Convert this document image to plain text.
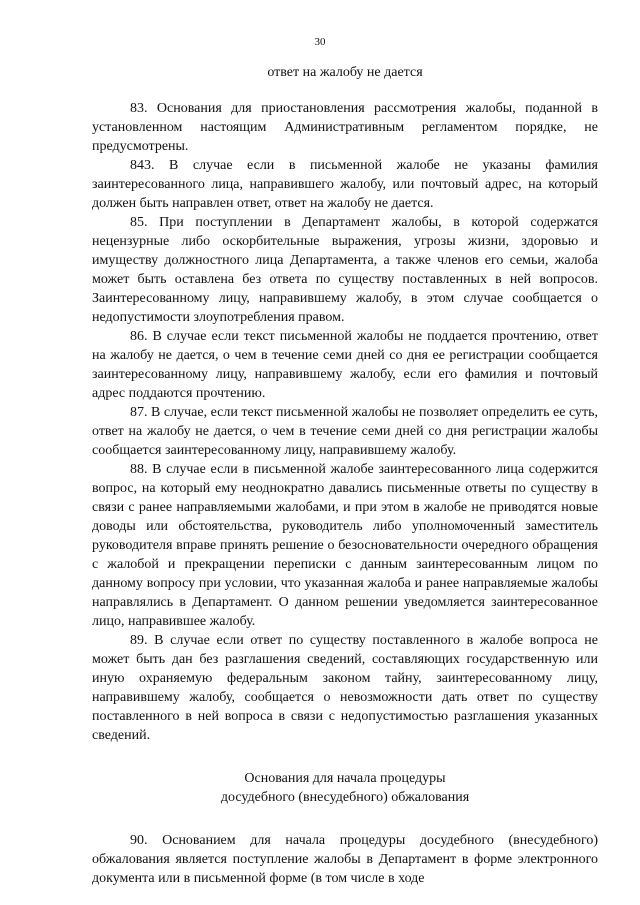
30

ответ на жалобу не дается

83. Основания для приостановления рассмотрения жалобы, поданной в установленном настоящим Административным регламентом порядке, не предусмотрены.

843. В случае если в письменной жалобе не указаны фамилия заинтересованного лица, направившего жалобу, или почтовый адрес, на который должен быть направлен ответ, ответ на жалобу не дается.

85. При поступлении в Департамент жалобы, в которой содержатся нецензурные либо оскорбительные выражения, угрозы жизни, здоровью и имуществу должностного лица Департамента, а также членов его семьи, жалоба может быть оставлена без ответа по существу поставленных в ней вопросов. Заинтересованному лицу, направившему жалобу, в этом случае сообщается о недопустимости злоупотребления правом.

86. В случае если текст письменной жалобы не поддается прочтению, ответ на жалобу не дается, о чем в течение семи дней со дня ее регистрации сообщается заинтересованному лицу, направившему жалобу, если его фамилия и почтовый адрес поддаются прочтению.

87. В случае, если текст письменной жалобы не позволяет определить ее суть, ответ на жалобу не дается, о чем в течение семи дней со дня регистрации жалобы сообщается заинтересованному лицу, направившему жалобу.

88. В случае если в письменной жалобе заинтересованного лица содержится вопрос, на который ему неоднократно давались письменные ответы по существу в связи с ранее направляемыми жалобами, и при этом в жалобе не приводятся новые доводы или обстоятельства, руководитель либо уполномоченный заместитель руководителя вправе принять решение о безосновательности очередного обращения с жалобой и прекращении переписки с данным заинтересованным лицом по данному вопросу при условии, что указанная жалоба и ранее направляемые жалобы направлялись в Департамент. О данном решении уведомляется заинтересованное лицо, направившее жалобу.

89. В случае если ответ по существу поставленного в жалобе вопроса не может быть дан без разглашения сведений, составляющих государственную или иную охраняемую федеральным законом тайну, заинтересованному лицу, направившему жалобу, сообщается о невозможности дать ответ по существу поставленного в ней вопроса в связи с недопустимостью разглашения указанных сведений.

Основания для начала процедуры

досудебного (внесудебного) обжалования

90. Основанием для начала процедуры досудебного (внесудебного) обжалования является поступление жалобы в Департамент в форме электронного документа или в письменной форме (в том числе в ходе
